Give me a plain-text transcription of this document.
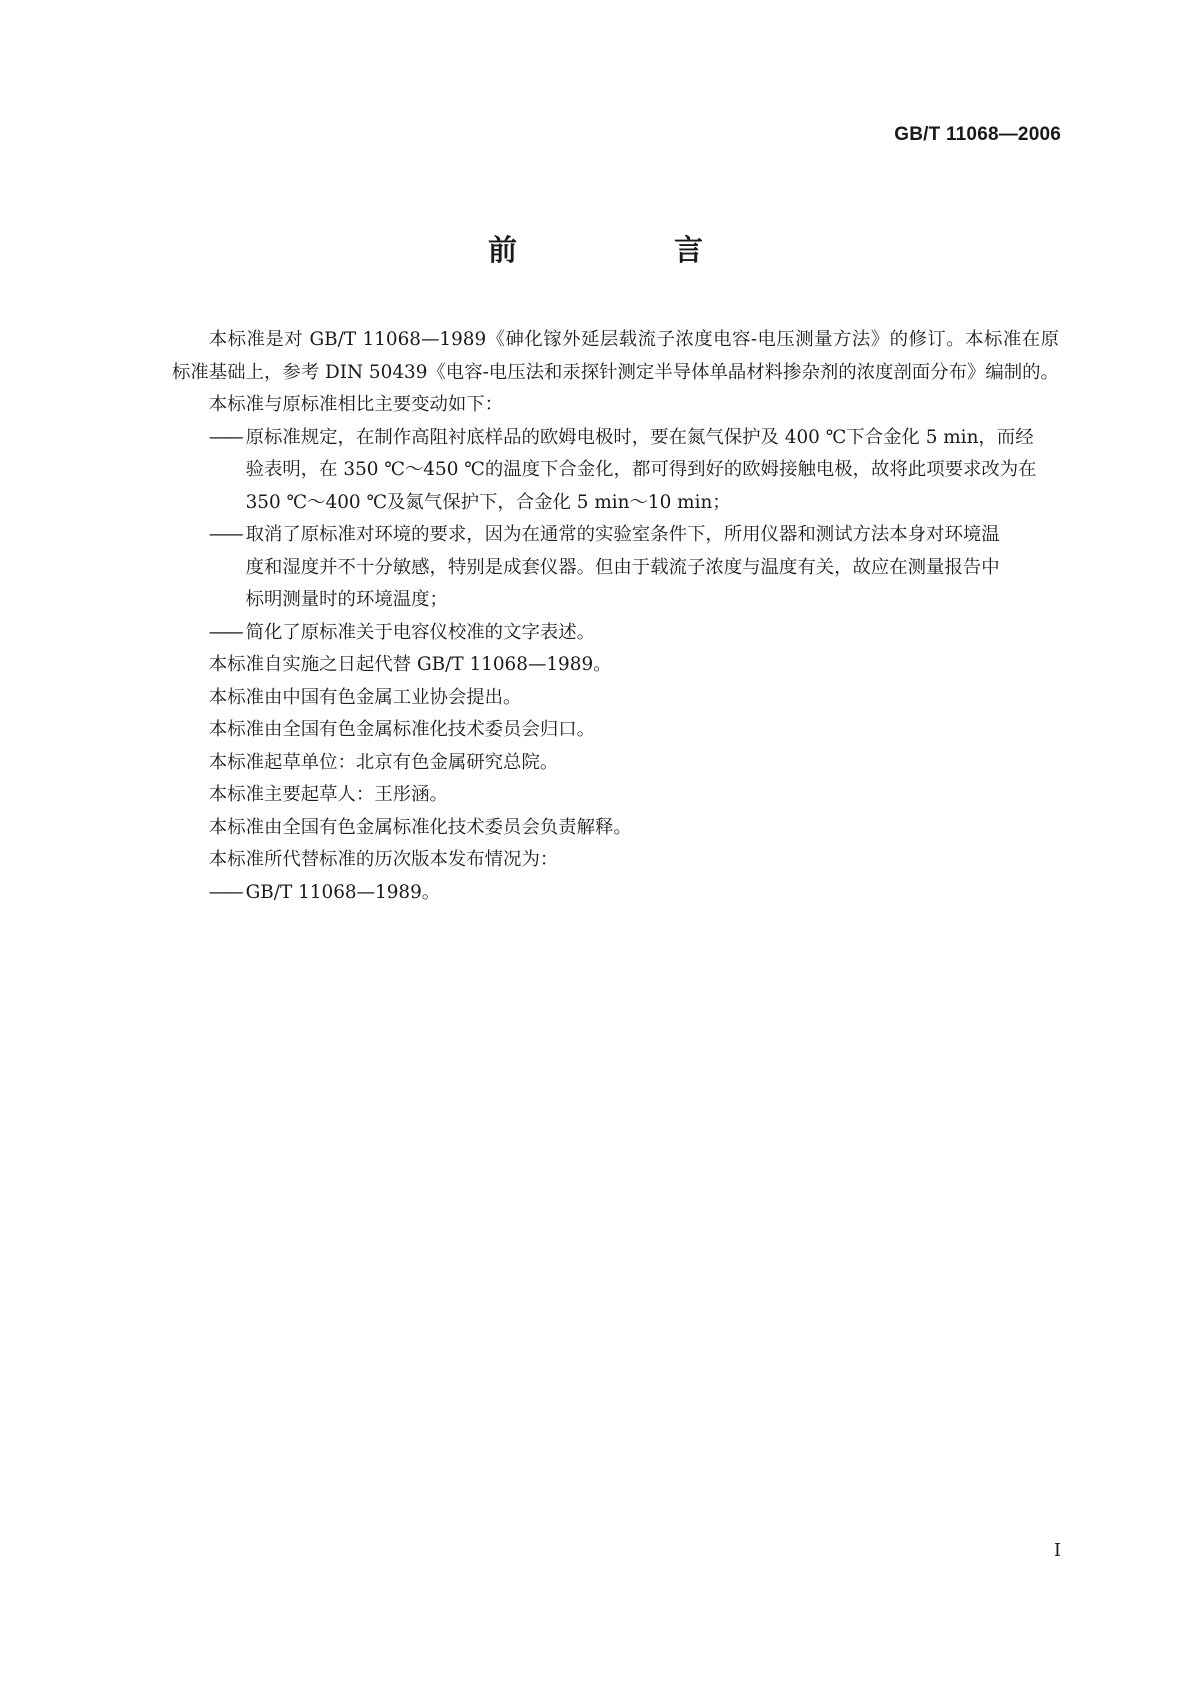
GB/T 11068—2006
前　言

本标准是对 GB/T 11068—1989《砷化镓外延层载流子浓度电容-电压测量方法》的修订。本标准在原标准基础上，参考 DIN 50439《电容-电压法和汞探针测定半导体单晶材料掺杂剂的浓度剖面分布》编制的。

本标准与原标准相比主要变动如下：

—— 原标准规定，在制作高阻衬底样品的欧姆电极时，要在氮气保护及 400 ℃下合金化 5 min，而经
验表明，在 350 ℃～450 ℃的温度下合金化，都可得到好的欧姆接触电极，故将此项要求改为在
350 ℃～400 ℃及氮气保护下，合金化 5 min～10 min；
—— 取消了原标准对环境的要求，因为在通常的实验室条件下，所用仪器和测试方法本身对环境温
度和湿度并不十分敏感，特别是成套仪器。但由于载流子浓度与温度有关，故应在测量报告中
标明测量时的环境温度；
—— 简化了原标准关于电容仪校准的文字表述。

本标准自实施之日起代替 GB/T 11068—1989。

本标准由中国有色金属工业协会提出。

本标准由全国有色金属标准化技术委员会归口。

本标准起草单位：北京有色金属研究总院。

本标准主要起草人：王彤涵。

本标准由全国有色金属标准化技术委员会负责解释。

本标准所代替标准的历次版本发布情况为：

—— GB/T 11068—1989。
I
